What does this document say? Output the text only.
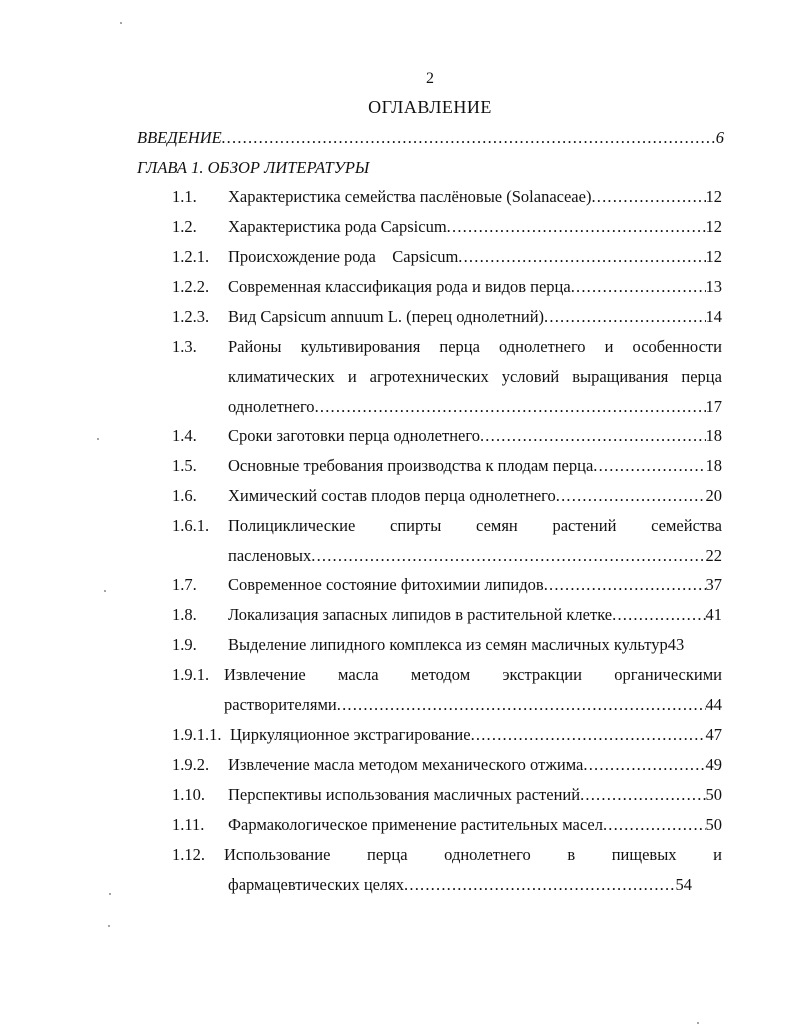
2
ОГЛАВЛЕНИЕ
ВВЕДЕНИЕ .....	6
ГЛАВА 1. ОБЗОР ЛИТЕРАТУРЫ
1.1. Характеристика семейства паслёновые (Solanaceae) .....	12
1.2. Характеристика рода Capsicum .....	12
1.2.1. Происхождение рода    Capsicum .....	12
1.2.2. Современная классификация рода и видов перца .....	13
1.2.3. Вид Capsicum annuum L. (перец однолетний) .....	14
1.3. Районы культивирования перца однолетнего и особенности
климатических и агротехнических условий выращивания перца
однолетнего .....	17
1.4. Сроки заготовки перца однолетнего .....	18
1.5. Основные требования производства к плодам перца .....	18
1.6. Химический состав плодов перца однолетнего .....	20
1.6.1. Полициклические спирты семян растений семейства
пасленовых .....	22
1.7. Современное состояние фитохимии липидов .....	37
1.8. Локализация запасных липидов в растительной клетке .....	41
1.9. Выделение липидного комплекса из семян масличных культур 43
1.9.1. Извлечение масла методом экстракции органическими
растворителями .....	44
1.9.1.1. Циркуляционное экстрагирование .....	47
1.9.2. Извлечение масла методом механического отжима .....	49
1.10. Перспективы использования масличных растений .....	50
1.11. Фармакологическое применение растительных масел .....	50
1.12. Использование перца однолетнего в пищевых и
фармацевтических целях .....	54
